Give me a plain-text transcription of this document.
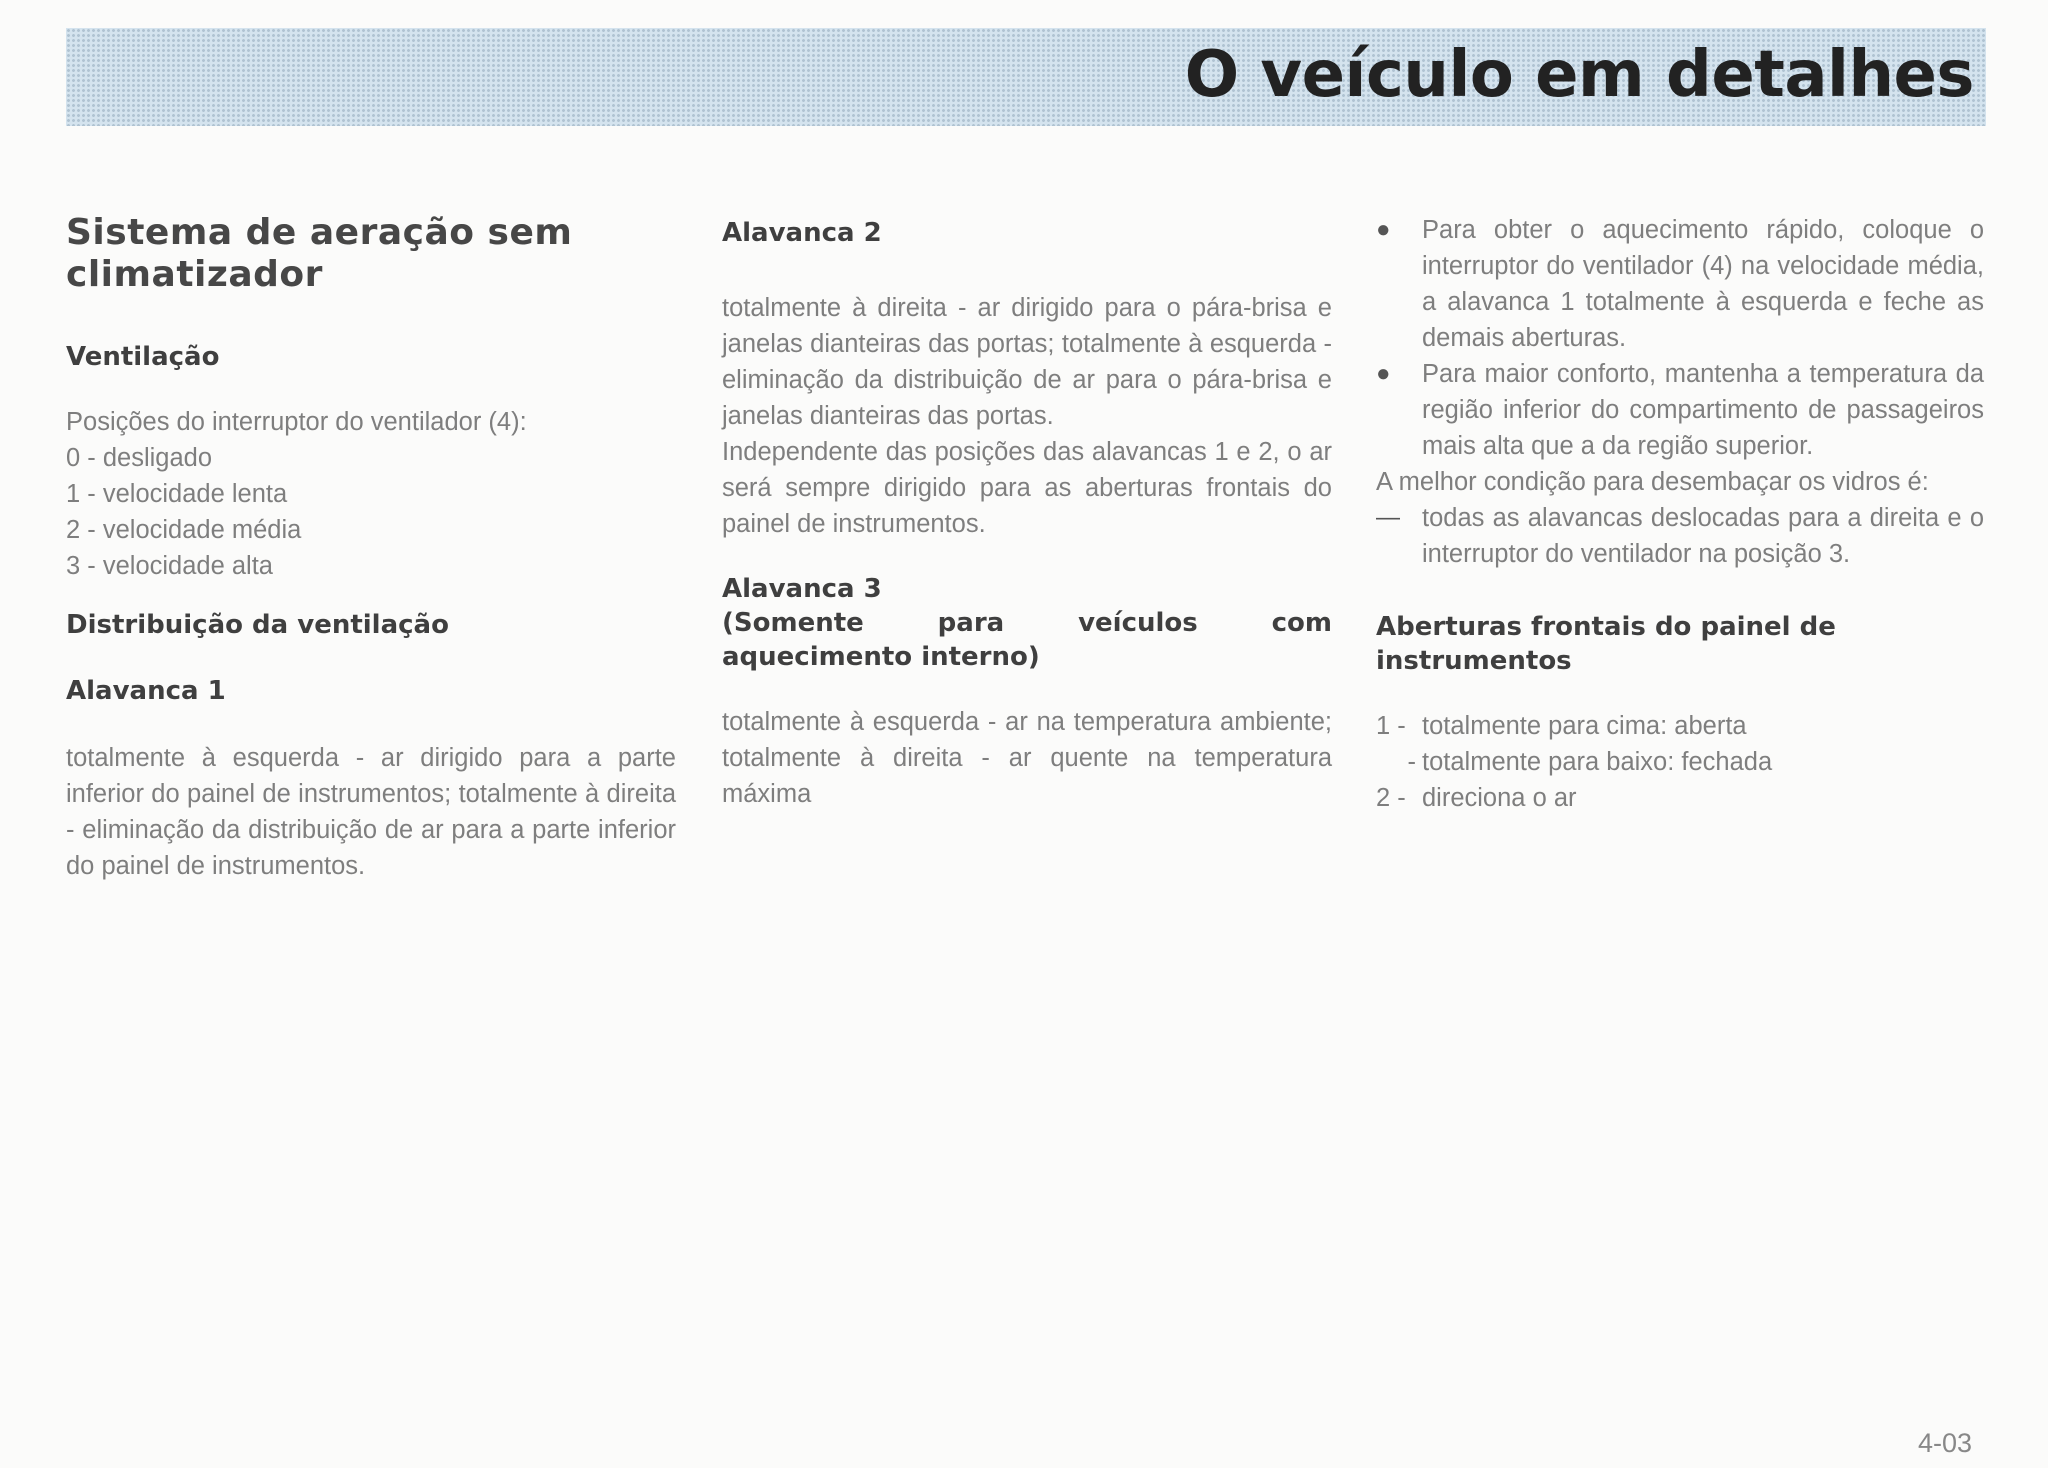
O veículo em detalhes
Sistema de aeração sem climatizador
Ventilação
Posições do interruptor do ventilador (4):
0 - desligado
1 - velocidade lenta
2 - velocidade média
3 - velocidade alta
Distribuição da ventilação
Alavanca 1

totalmente à esquerda - ar dirigido para a parte inferior do painel de instrumentos; totalmente à direita - eliminação da distribuição de ar para a parte inferior do painel de instrumentos.

Alavanca 2

totalmente à direita - ar dirigido para o pára-brisa e janelas dianteiras das portas; totalmente à esquerda - eliminação da distribuição de ar para o pára-brisa e janelas dianteiras das portas.

Independente das posições das alavancas 1 e 2, o ar será sempre dirigido para as aberturas frontais do painel de instrumentos.

Alavanca 3
(Somente para veículos com aquecimento interno)

totalmente à esquerda - ar na temperatura ambiente; totalmente à direita - ar quente na temperatura máxima

●	Para obter o aquecimento rápido, coloque o interruptor do ventilador (4) na velocidade média, a alavanca 1 totalmente à esquerda e feche as demais aberturas.
●	Para maior conforto, mantenha a temperatura da região inferior do compartimento de passageiros mais alta que a da região superior.

A melhor condição para desembaçar os vidros é:

— todas as alavancas deslocadas para a direita e o interruptor do ventilador na posição 3.
Aberturas frontais do painel de instrumentos
1 - totalmente para cima: aberta
- totalmente para baixo: fechada
2 - direciona o ar
4-03
